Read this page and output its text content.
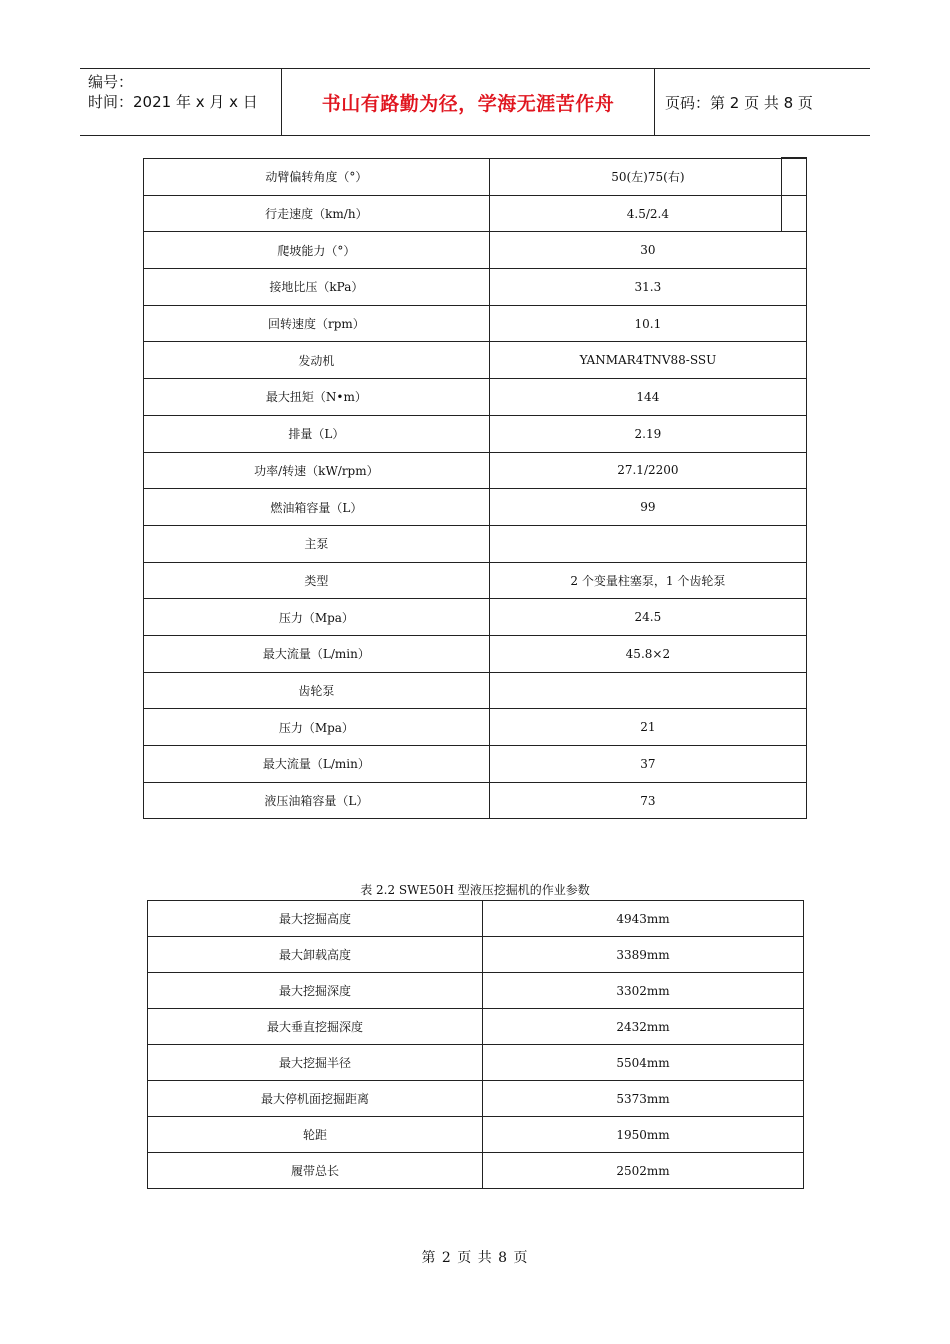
编号：
时间：2021 年 x 月 x 日	书山有路勤为径，学海无涯苦作舟	页码：第 2 页 共 8 页
动臂偏转角度（°）	50(左)75(右)
行走速度（km/h）	4.5/2.4
爬坡能力（°）	30
接地比压（kPa）	31.3
回转速度（rpm）	10.1
发动机	YANMAR4TNV88-SSU
最大扭矩（N•m）	144
排量（L）	2.19
功率/转速（kW/rpm）	27.1/2200
燃油箱容量（L）	99
主泵	
类型	2 个变量柱塞泵，1 个齿轮泵
压力（Mpa）	24.5
最大流量（L/min）	45.8×2
齿轮泵	
压力（Mpa）	21
最大流量（L/min）	37
液压油箱容量（L）	73
表 2.2 SWE50H 型液压挖掘机的作业参数
最大挖掘高度	4943mm
最大卸载高度	3389mm
最大挖掘深度	3302mm
最大垂直挖掘深度	2432mm
最大挖掘半径	5504mm
最大停机面挖掘距离	5373mm
轮距	1950mm
履带总长	2502mm
第 2 页 共 8 页
